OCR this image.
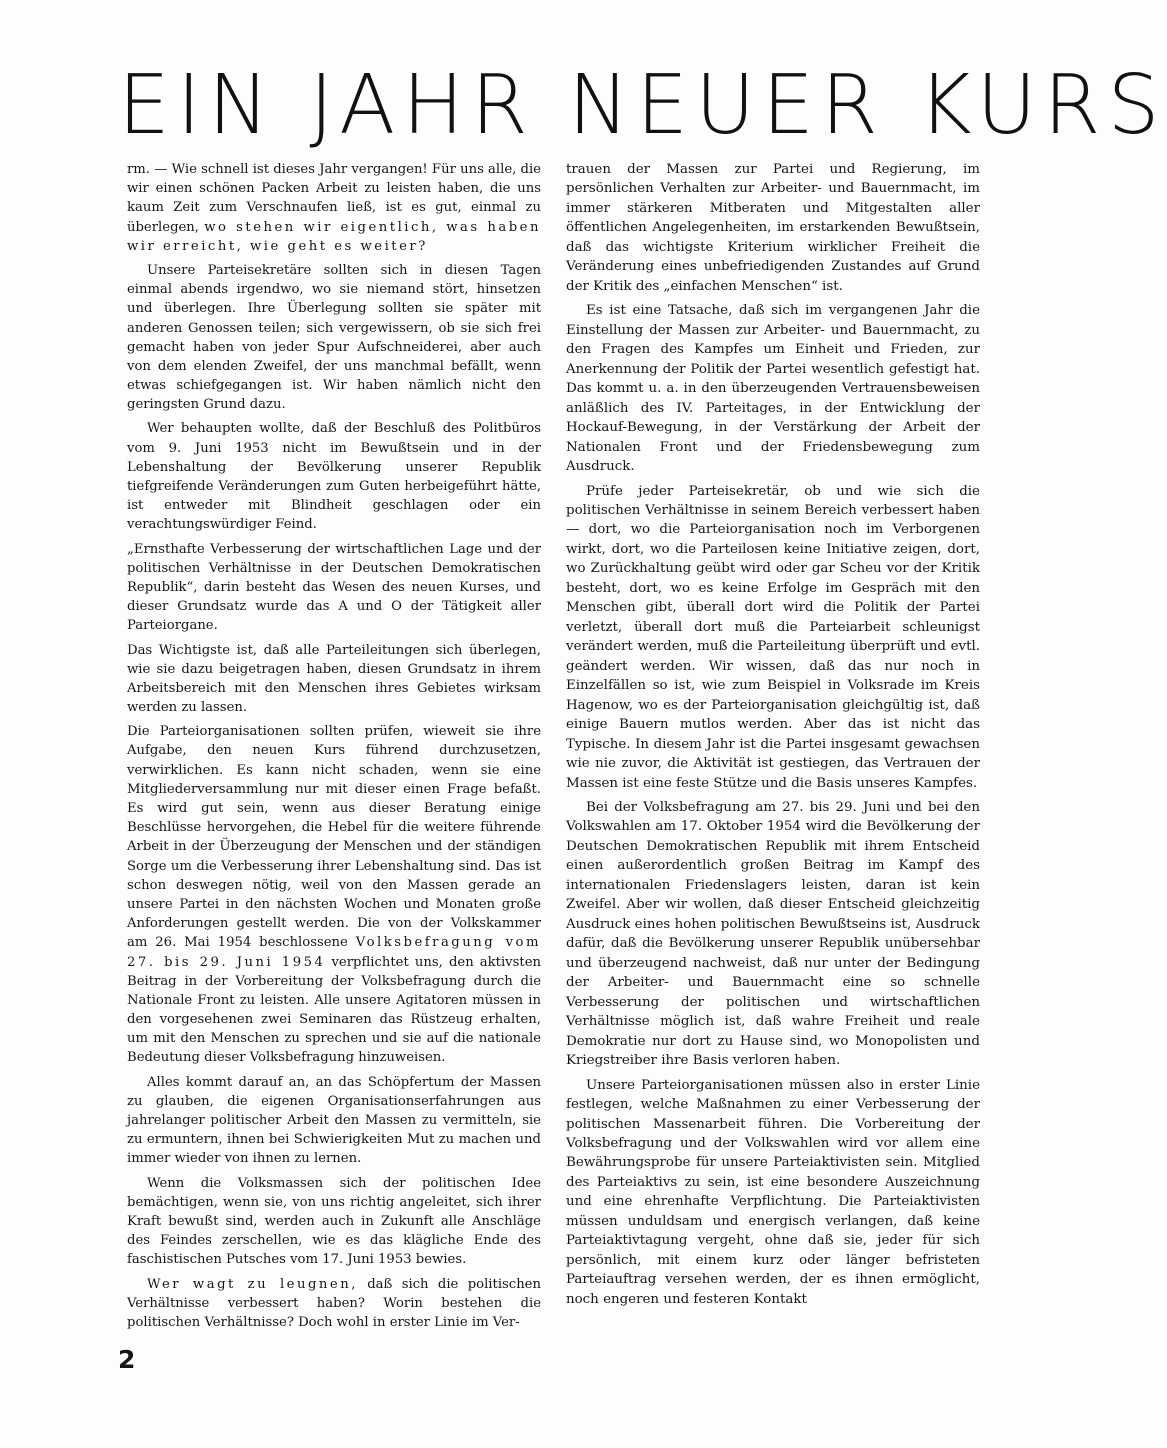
EIN JAHR NEUER KURS

rm. — Wie schnell ist dieses Jahr vergangen! Für uns alle, die wir einen schönen Packen Arbeit zu leisten haben, die uns kaum Zeit zum Verschnaufen ließ, ist es gut, einmal zu überlegen, wo stehen wir eigentlich, was haben wir erreicht, wie geht es weiter?

Unsere Parteisekretäre sollten sich in diesen Tagen einmal abends irgendwo, wo sie niemand stört, hinsetzen und überlegen. Ihre Überlegung sollten sie später mit anderen Genossen teilen; sich vergewissern, ob sie sich frei gemacht haben von jeder Spur Aufschneiderei, aber auch von dem elenden Zweifel, der uns manchmal befällt, wenn etwas schiefgegangen ist. Wir haben nämlich nicht den geringsten Grund dazu.

Wer behaupten wollte, daß der Beschluß des Politbüros vom 9. Juni 1953 nicht im Bewußtsein und in der Lebenshaltung der Bevölkerung unserer Republik tiefgreifende Veränderungen zum Guten herbeigeführt hätte, ist entweder mit Blindheit geschlagen oder ein verachtungswürdiger Feind.

„Ernsthafte Verbesserung der wirtschaftlichen Lage und der politischen Verhältnisse in der Deutschen Demokratischen Republik“, darin besteht das Wesen des neuen Kurses, und dieser Grundsatz wurde das A und O der Tätigkeit aller Parteiorgane.

Das Wichtigste ist, daß alle Parteileitungen sich überlegen, wie sie dazu beigetragen haben, diesen Grundsatz in ihrem Arbeitsbereich mit den Menschen ihres Gebietes wirksam werden zu lassen.

Die Parteiorganisationen sollten prüfen, wieweit sie ihre Aufgabe, den neuen Kurs führend durchzusetzen, verwirklichen. Es kann nicht schaden, wenn sie eine Mitgliederversammlung nur mit dieser einen Frage befaßt. Es wird gut sein, wenn aus dieser Beratung einige Beschlüsse hervorgehen, die Hebel für die weitere führende Arbeit in der Überzeugung der Menschen und der ständigen Sorge um die Verbesserung ihrer Lebenshaltung sind. Das ist schon deswegen nötig, weil von den Massen gerade an unsere Partei in den nächsten Wochen und Monaten große Anforderungen gestellt werden. Die von der Volkskammer am 26. Mai 1954 beschlossene Volksbefragung vom 27. bis 29. Juni 1954 verpflichtet uns, den aktivsten Beitrag in der Vorbereitung der Volksbefragung durch die Nationale Front zu leisten. Alle unsere Agitatoren müssen in den vorgesehenen zwei Seminaren das Rüstzeug erhalten, um mit den Menschen zu sprechen und sie auf die nationale Bedeutung dieser Volksbefragung hinzuweisen.

Alles kommt darauf an, an das Schöpfertum der Massen zu glauben, die eigenen Organisationserfahrungen aus jahrelanger politischer Arbeit den Massen zu vermitteln, sie zu ermuntern, ihnen bei Schwierigkeiten Mut zu machen und immer wieder von ihnen zu lernen.

Wenn die Volksmassen sich der politischen Idee bemächtigen, wenn sie, von uns richtig angeleitet, sich ihrer Kraft bewußt sind, werden auch in Zukunft alle Anschläge des Feindes zerschellen, wie es das klägliche Ende des faschistischen Putsches vom 17. Juni 1953 bewies.

Wer wagt zu leugnen, daß sich die politischen Verhältnisse verbessert haben? Worin bestehen die politischen Verhältnisse? Doch wohl in erster Linie im Ver-

trauen der Massen zur Partei und Regierung, im persönlichen Verhalten zur Arbeiter- und Bauernmacht, im immer stärkeren Mitberaten und Mitgestalten aller öffentlichen Angelegenheiten, im erstarkenden Bewußtsein, daß das wichtigste Kriterium wirklicher Freiheit die Veränderung eines unbefriedigenden Zustandes auf Grund der Kritik des „einfachen Menschen“ ist.

Es ist eine Tatsache, daß sich im vergangenen Jahr die Einstellung der Massen zur Arbeiter- und Bauernmacht, zu den Fragen des Kampfes um Einheit und Frieden, zur Anerkennung der Politik der Partei wesentlich gefestigt hat. Das kommt u. a. in den überzeugenden Vertrauensbeweisen anläßlich des IV. Parteitages, in der Entwicklung der Hockauf-Bewegung, in der Verstärkung der Arbeit der Nationalen Front und der Friedensbewegung zum Ausdruck.

Prüfe jeder Parteisekretär, ob und wie sich die politischen Verhältnisse in seinem Bereich verbessert haben — dort, wo die Parteiorganisation noch im Verborgenen wirkt, dort, wo die Parteilosen keine Initiative zeigen, dort, wo Zurückhaltung geübt wird oder gar Scheu vor der Kritik besteht, dort, wo es keine Erfolge im Gespräch mit den Menschen gibt, überall dort wird die Politik der Partei verletzt, überall dort muß die Parteiarbeit schleunigst verändert werden, muß die Parteileitung überprüft und evtl. geändert werden. Wir wissen, daß das nur noch in Einzelfällen so ist, wie zum Beispiel in Volksrade im Kreis Hagenow, wo es der Parteiorganisation gleichgültig ist, daß einige Bauern mutlos werden. Aber das ist nicht das Typische. In diesem Jahr ist die Partei insgesamt gewachsen wie nie zuvor, die Aktivität ist gestiegen, das Vertrauen der Massen ist eine feste Stütze und die Basis unseres Kampfes.

Bei der Volksbefragung am 27. bis 29. Juni und bei den Volkswahlen am 17. Oktober 1954 wird die Bevölkerung der Deutschen Demokratischen Republik mit ihrem Entscheid einen außerordentlich großen Beitrag im Kampf des internationalen Friedenslagers leisten, daran ist kein Zweifel. Aber wir wollen, daß dieser Entscheid gleichzeitig Ausdruck eines hohen politischen Bewußtseins ist, Ausdruck dafür, daß die Bevölkerung unserer Republik unübersehbar und überzeugend nachweist, daß nur unter der Bedingung der Arbeiter- und Bauernmacht eine so schnelle Verbesserung der politischen und wirtschaftlichen Verhältnisse möglich ist, daß wahre Freiheit und reale Demokratie nur dort zu Hause sind, wo Monopolisten und Kriegstreiber ihre Basis verloren haben.

Unsere Parteiorganisationen müssen also in erster Linie festlegen, welche Maßnahmen zu einer Verbesserung der politischen Massenarbeit führen. Die Vorbereitung der Volksbefragung und der Volkswahlen wird vor allem eine Bewährungsprobe für unsere Parteiaktivisten sein. Mitglied des Parteiaktivs zu sein, ist eine besondere Auszeichnung und eine ehrenhafte Verpflichtung. Die Parteiaktivisten müssen unduldsam und energisch verlangen, daß keine Parteiaktivtagung vergeht, ohne daß sie, jeder für sich persönlich, mit einem kurz oder länger befristeten Parteiauftrag versehen werden, der es ihnen ermöglicht, noch engeren und festeren Kontakt

2
